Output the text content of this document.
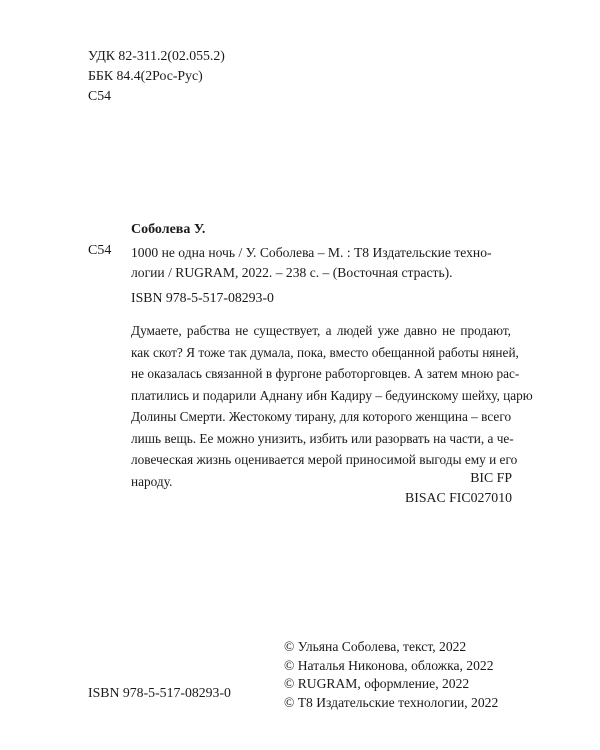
УДК 82-311.2(02.055.2)
ББК 84.4(2Рос-Рус)
С54
Соболева У.
С54 1000 не одна ночь / У. Соболева – М. : Т8 Издательские техно-
логии / RUGRAM, 2022. – 238 с. – (Восточная страсть).
ISBN 978-5-517-08293-0
Думаете, рабства не существует, а людей уже давно не продают,
как скот? Я тоже так думала, пока, вместо обещанной работы няней,
не оказалась связанной в фургоне работорговцев. А затем мною рас-
платились и подарили Аднану ибн Кадиру – бедуинскому шейху, царю
Долины Смерти. Жестокому тирану, для которого женщина – всего
лишь вещь. Ее можно унизить, избить или разорвать на части, а че-
ловеческая жизнь оценивается мерой приносимой выгоды ему и его
народу.	BIC FP
BISAC FIC027010
ISBN 978-5-517-08293-0
© Ульяна Соболева, текст, 2022
© Наталья Никонова, обложка, 2022
© RUGRAM, оформление, 2022
© Т8 Издательские технологии, 2022
